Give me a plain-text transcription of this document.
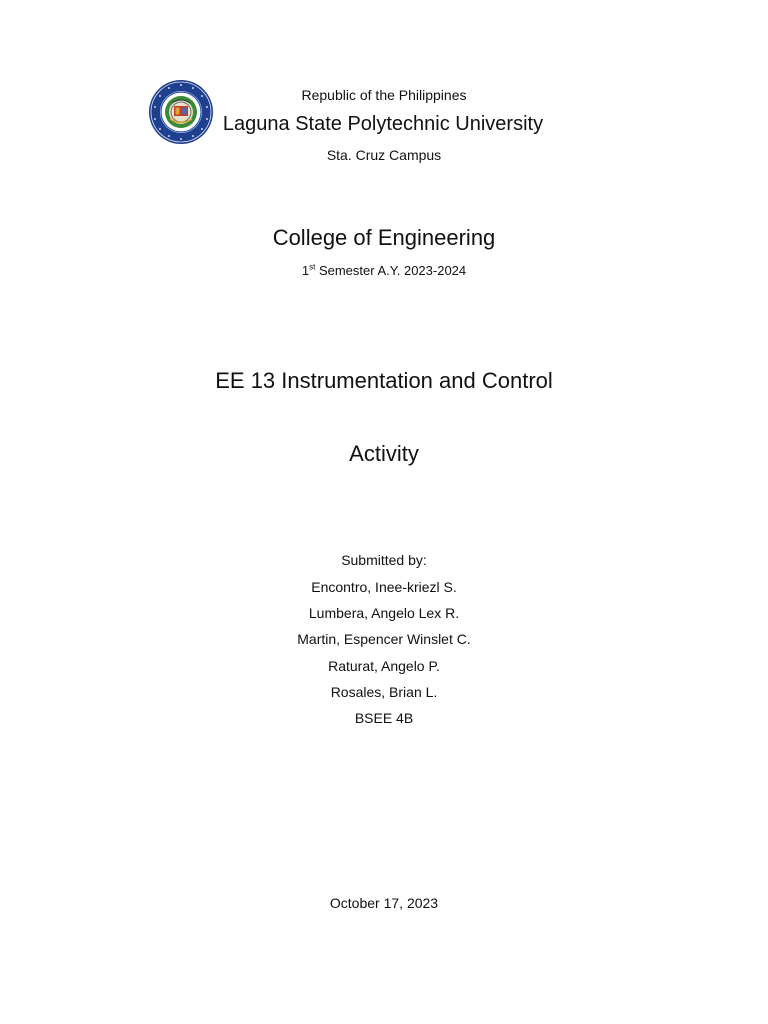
Republic of the Philippines
Laguna State Polytechnic University
Sta. Cruz Campus
College of Engineering
1st Semester A.Y. 2023-2024
EE 13 Instrumentation and Control
Activity
Submitted by:
Encontro, Inee-kriezl S.
Lumbera, Angelo Lex R.
Martin, Espencer Winslet C.
Raturat, Angelo P.
Rosales, Brian L.
BSEE 4B
October 17, 2023
